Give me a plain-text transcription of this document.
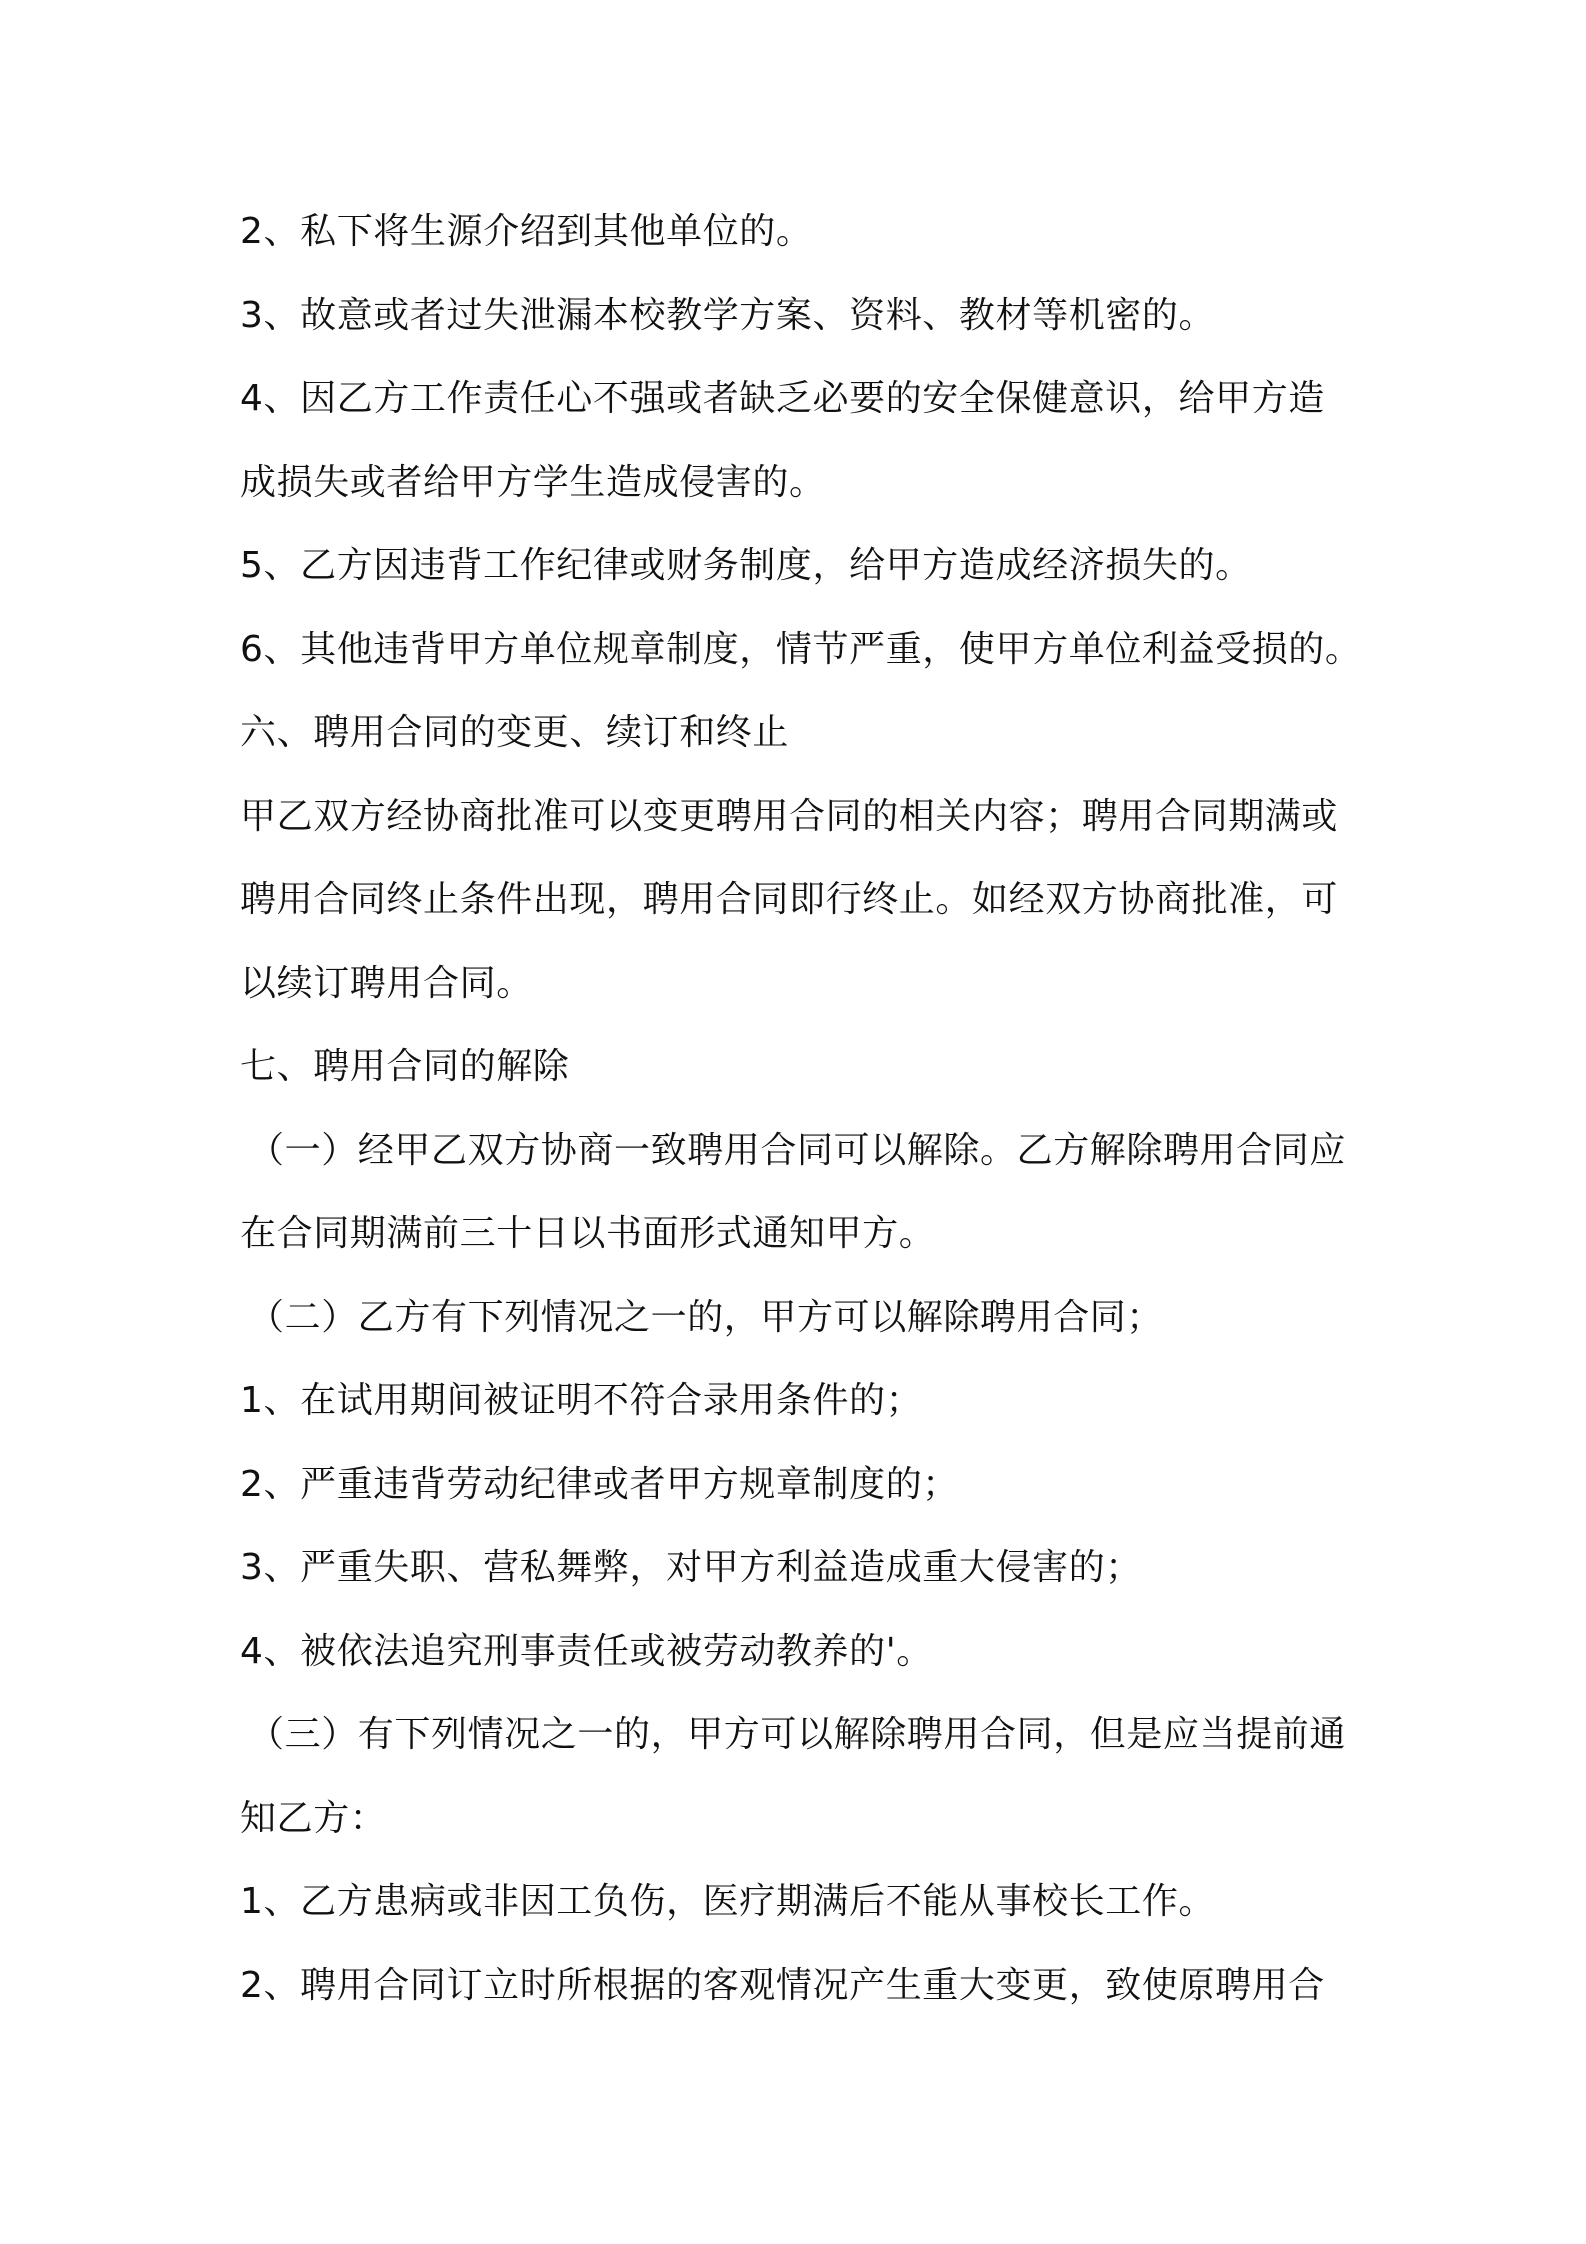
2、私下将生源介绍到其他单位的。
3、故意或者过失泄漏本校教学方案、资料、教材等机密的。
4、因乙方工作责任心不强或者缺乏必要的安全保健意识，给甲方造
成损失或者给甲方学生造成侵害的。
5、乙方因违背工作纪律或财务制度，给甲方造成经济损失的。
6、其他违背甲方单位规章制度，情节严重，使甲方单位利益受损的。
六、聘用合同的变更、续订和终止
甲乙双方经协商批准可以变更聘用合同的相关内容；聘用合同期满或
聘用合同终止条件出现，聘用合同即行终止。如经双方协商批准，可
以续订聘用合同。
七、聘用合同的解除
（一）经甲乙双方协商一致聘用合同可以解除。乙方解除聘用合同应
在合同期满前三十日以书面形式通知甲方。
（二）乙方有下列情况之一的，甲方可以解除聘用合同；
1、在试用期间被证明不符合录用条件的；
2、严重违背劳动纪律或者甲方规章制度的；
3、严重失职、营私舞弊，对甲方利益造成重大侵害的；
4、被依法追究刑事责任或被劳动教养的'。
（三）有下列情况之一的，甲方可以解除聘用合同，但是应当提前通
知乙方：
1、乙方患病或非因工负伤，医疗期满后不能从事校长工作。
2、聘用合同订立时所根据的客观情况产生重大变更，致使原聘用合
